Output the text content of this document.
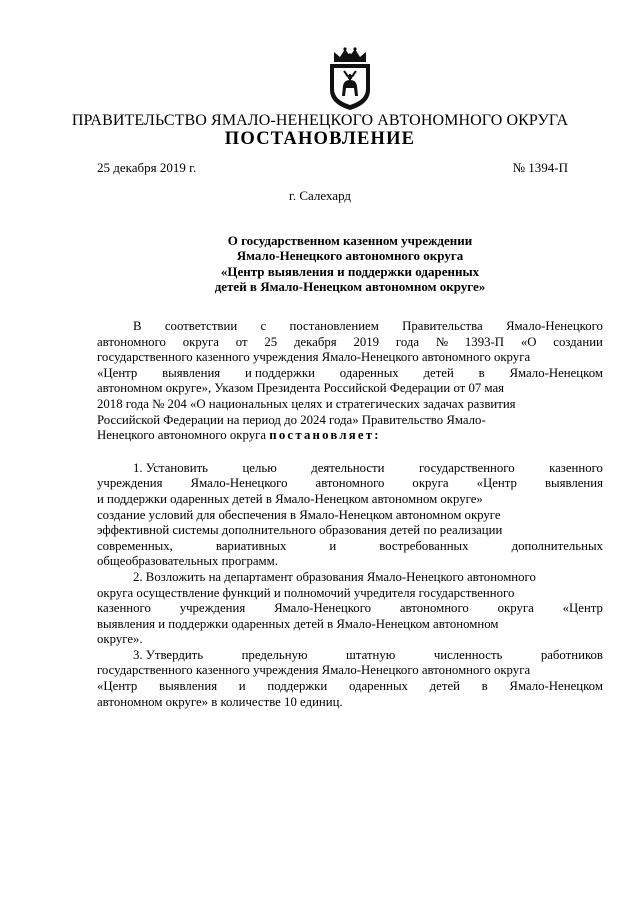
ПРАВИТЕЛЬСТВО ЯМАЛО-НЕНЕЦКОГО АВТОНОМНОГО ОКРУГА
ПОСТАНОВЛЕНИЕ
25 декабря 2019 г.	№ 1394-П
г. Салехард
О государственном казенном учреждении
Ямало-Ненецкого автономного округа
«Центр выявления и поддержки одаренных
детей в Ямало-Ненецком автономном округе»
В соответствии с постановлением Правительства Ямало-Ненецкого
автономного округа от 25 декабря 2019 года № 1393-П «О создании
государственного казенного учреждения Ямало-Ненецкого автономного округа
«Центр выявления и поддержки одаренных детей в Ямало-Ненецком
автономном округе», Указом Президента Российской Федерации от 07 мая
2018 года № 204 «О национальных целях и стратегических задачах развития
Российской Федерации на период до 2024 года» Правительство Ямало-
Ненецкого автономного округа постановляет:
1. Установить	целью	деятельности	государственного	казенного
учреждения Ямало-Ненецкого автономного округа «Центр выявления
и поддержки одаренных детей в Ямало-Ненецком автономном округе»
создание условий для обеспечения в Ямало-Ненецком автономном округе
эффективной системы дополнительного образования детей по реализации
современных,	вариативных	и	востребованных	дополнительных
общеобразовательных программ.
2. Возложить на департамент образования Ямало-Ненецкого автономного
округа осуществление функций и полномочий учредителя государственного
казенного учреждения Ямало-Ненецкого автономного округа «Центр
выявления и поддержки одаренных детей в Ямало-Ненецком автономном
округе».
3. Утвердить	предельную	штатную	численность	работников
государственного казенного учреждения Ямало-Ненецкого автономного округа
«Центр выявления и поддержки одаренных детей в Ямало-Ненецком
автономном округе» в количестве 10 единиц.
